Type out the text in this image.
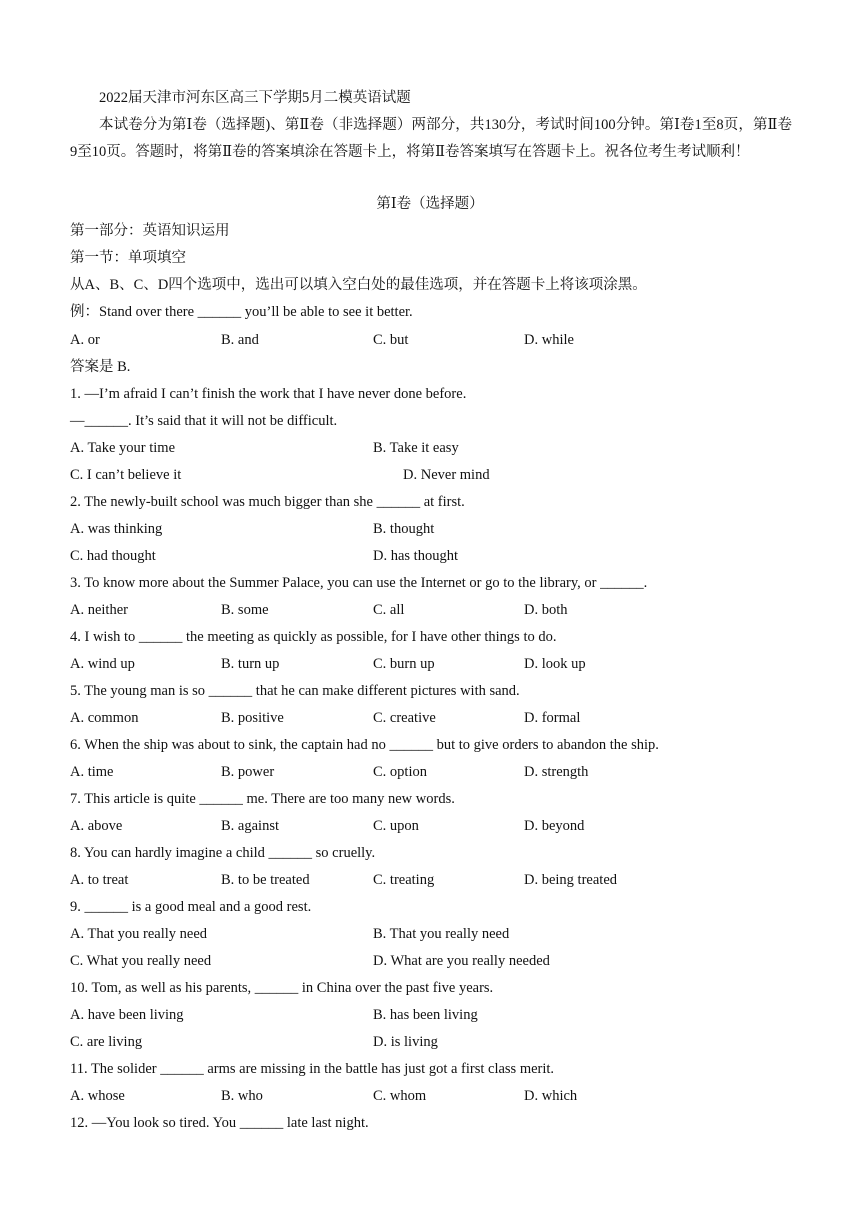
2022届天津市河东区高三下学期5月二模英语试题
本试卷分为第Ⅰ卷（选择题)、第Ⅱ卷（非选择题）两部分，共130分，考试时间100分钟。第Ⅰ卷1至8页，第Ⅱ卷9至10页。答题时，将第Ⅱ卷的答案填涂在答题卡上，将第Ⅱ卷答案填写在答题卡上。祝各位考生考试顺利！
第Ⅰ卷（选择题）
第一部分：英语知识运用
第一节：单项填空
从A、B、C、D四个选项中，选出可以填入空白处的最佳选项，并在答题卡上将该项涂黑。
例：Stand over there ______ you’ll be able to see it better.
A. or	B. and	C. but	D. while
答案是 B.
1. —I’m afraid I can’t finish the work that I have never done before.
—______. It’s said that it will not be difficult.
A. Take your time	B. Take it easy
C. I can’t believe it	D. Never mind
2. The newly-built school was much bigger than she ______ at first.
A. was thinking	B. thought
C. had thought	D. has thought
3. To know more about the Summer Palace, you can use the Internet or go to the library, or ______.
A. neither	B. some	C. all	D. both
4. I wish to ______ the meeting as quickly as possible, for I have other things to do.
A. wind up	B. turn up	C. burn up	D. look up
5. The young man is so ______ that he can make different pictures with sand.
A. common	B. positive	C. creative	D. formal
6. When the ship was about to sink, the captain had no ______ but to give orders to abandon the ship.
A. time	B. power	C. option	D. strength
7. This article is quite ______ me. There are too many new words.
A. above	B. against	C. upon	D. beyond
8. You can hardly imagine a child ______ so cruelly.
A. to treat	B. to be treated	C. treating	D. being treated
9. ______ is a good meal and a good rest.
A. That you really need	B. That you really need
C. What you really need	D. What are you really needed
10. Tom, as well as his parents, ______ in China over the past five years.
A. have been living	B. has been living
C. are living	D. is living
11. The solider ______ arms are missing in the battle has just got a first class merit.
A. whose	B. who	C. whom	D. which
12. —You look so tired. You ______ late last night.
